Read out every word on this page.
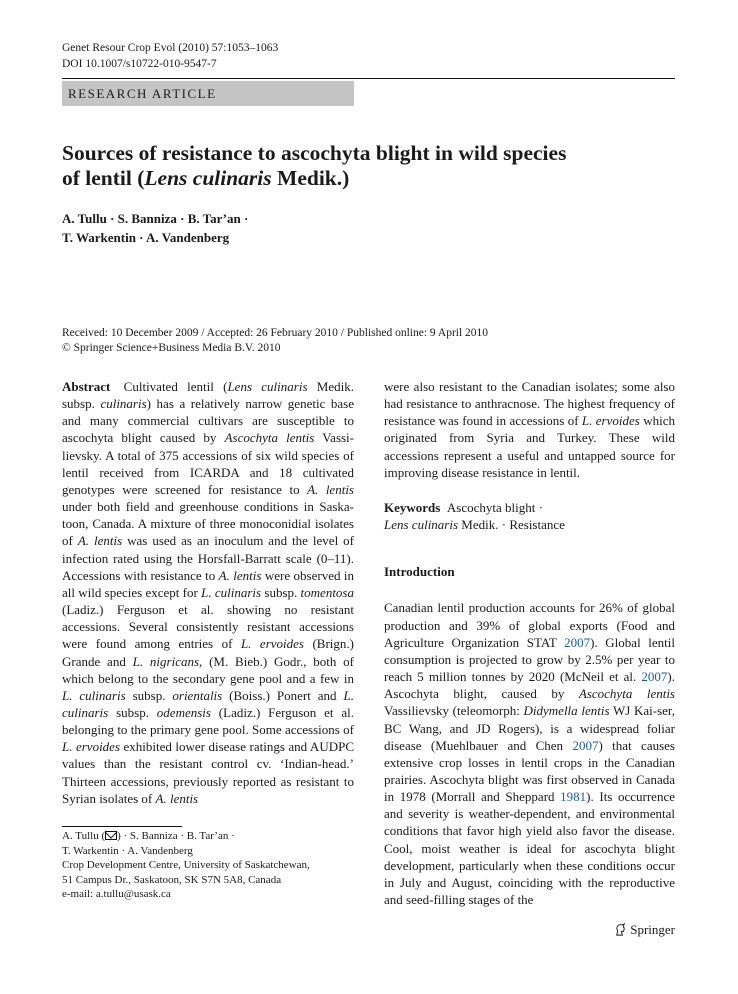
Genet Resour Crop Evol (2010) 57:1053–1063
DOI 10.1007/s10722-010-9547-7
RESEARCH ARTICLE
Sources of resistance to ascochyta blight in wild species
of lentil (Lens culinaris Medik.)
A. Tullu · S. Banniza · B. Tar’an ·
T. Warkentin · A. Vandenberg
Received: 10 December 2009 / Accepted: 26 February 2010 / Published online: 9 April 2010
© Springer Science+Business Media B.V. 2010

Abstract Cultivated lentil (Lens culinaris Medik. subsp. culinaris) has a relatively narrow genetic base and many commercial cultivars are susceptible to ascochyta blight caused by Ascochyta lentis Vassi-lievsky. A total of 375 accessions of six wild species of lentil received from ICARDA and 18 cultivated genotypes were screened for resistance to A. lentis under both field and greenhouse conditions in Saska-toon, Canada. A mixture of three monoconidial isolates of A. lentis was used as an inoculum and the level of infection rated using the Horsfall-Barratt scale (0–11). Accessions with resistance to A. lentis were observed in all wild species except for L. culinaris subsp. tomentosa (Ladiz.) Ferguson et al. showing no resistant accessions. Several consistently resistant accessions were found among entries of L. ervoides (Brign.) Grande and L. nigricans, (M. Bieb.) Godr., both of which belong to the secondary gene pool and a few in L. culinaris subsp. orientalis (Boiss.) Ponert and L. culinaris subsp. odemensis (Ladiz.) Ferguson et al. belonging to the primary gene pool. Some accessions of L. ervoides exhibited lower disease ratings and AUDPC values than the resistant control cv. ‘Indian-head.’ Thirteen accessions, previously reported as resistant to Syrian isolates of A. lentis

were also resistant to the Canadian isolates; some also had resistance to anthracnose. The highest frequency of resistance was found in accessions of L. ervoides which originated from Syria and Turkey. These wild accessions represent a useful and untapped source for improving disease resistance in lentil.

Keywords Ascochyta blight ·
Lens culinaris Medik. · Resistance

Introduction

Canadian lentil production accounts for 26% of global production and 39% of global exports (Food and Agriculture Organization STAT 2007). Global lentil consumption is projected to grow by 2.5% per year to reach 5 million tonnes by 2020 (McNeil et al. 2007). Ascochyta blight, caused by Ascochyta lentis Vassilievsky (teleomorph: Didymella lentis WJ Kai-ser, BC Wang, and JD Rogers), is a widespread foliar disease (Muehlbauer and Chen 2007) that causes extensive crop losses in lentil crops in the Canadian prairies. Ascochyta blight was first observed in Canada in 1978 (Morrall and Sheppard 1981). Its occurrence and severity is weather-dependent, and environmental conditions that favor high yield also favor the disease. Cool, moist weather is ideal for ascochyta blight development, particularly when these conditions occur in July and August, coinciding with the reproductive and seed-filling stages of the

A. Tullu ( ) · S. Banniza · B. Tar’an ·
T. Warkentin · A. Vandenberg
Crop Development Centre, University of Saskatchewan,
51 Campus Dr., Saskatoon, SK S7N 5A8, Canada
e-mail: a.tullu@usask.ca
Springer
